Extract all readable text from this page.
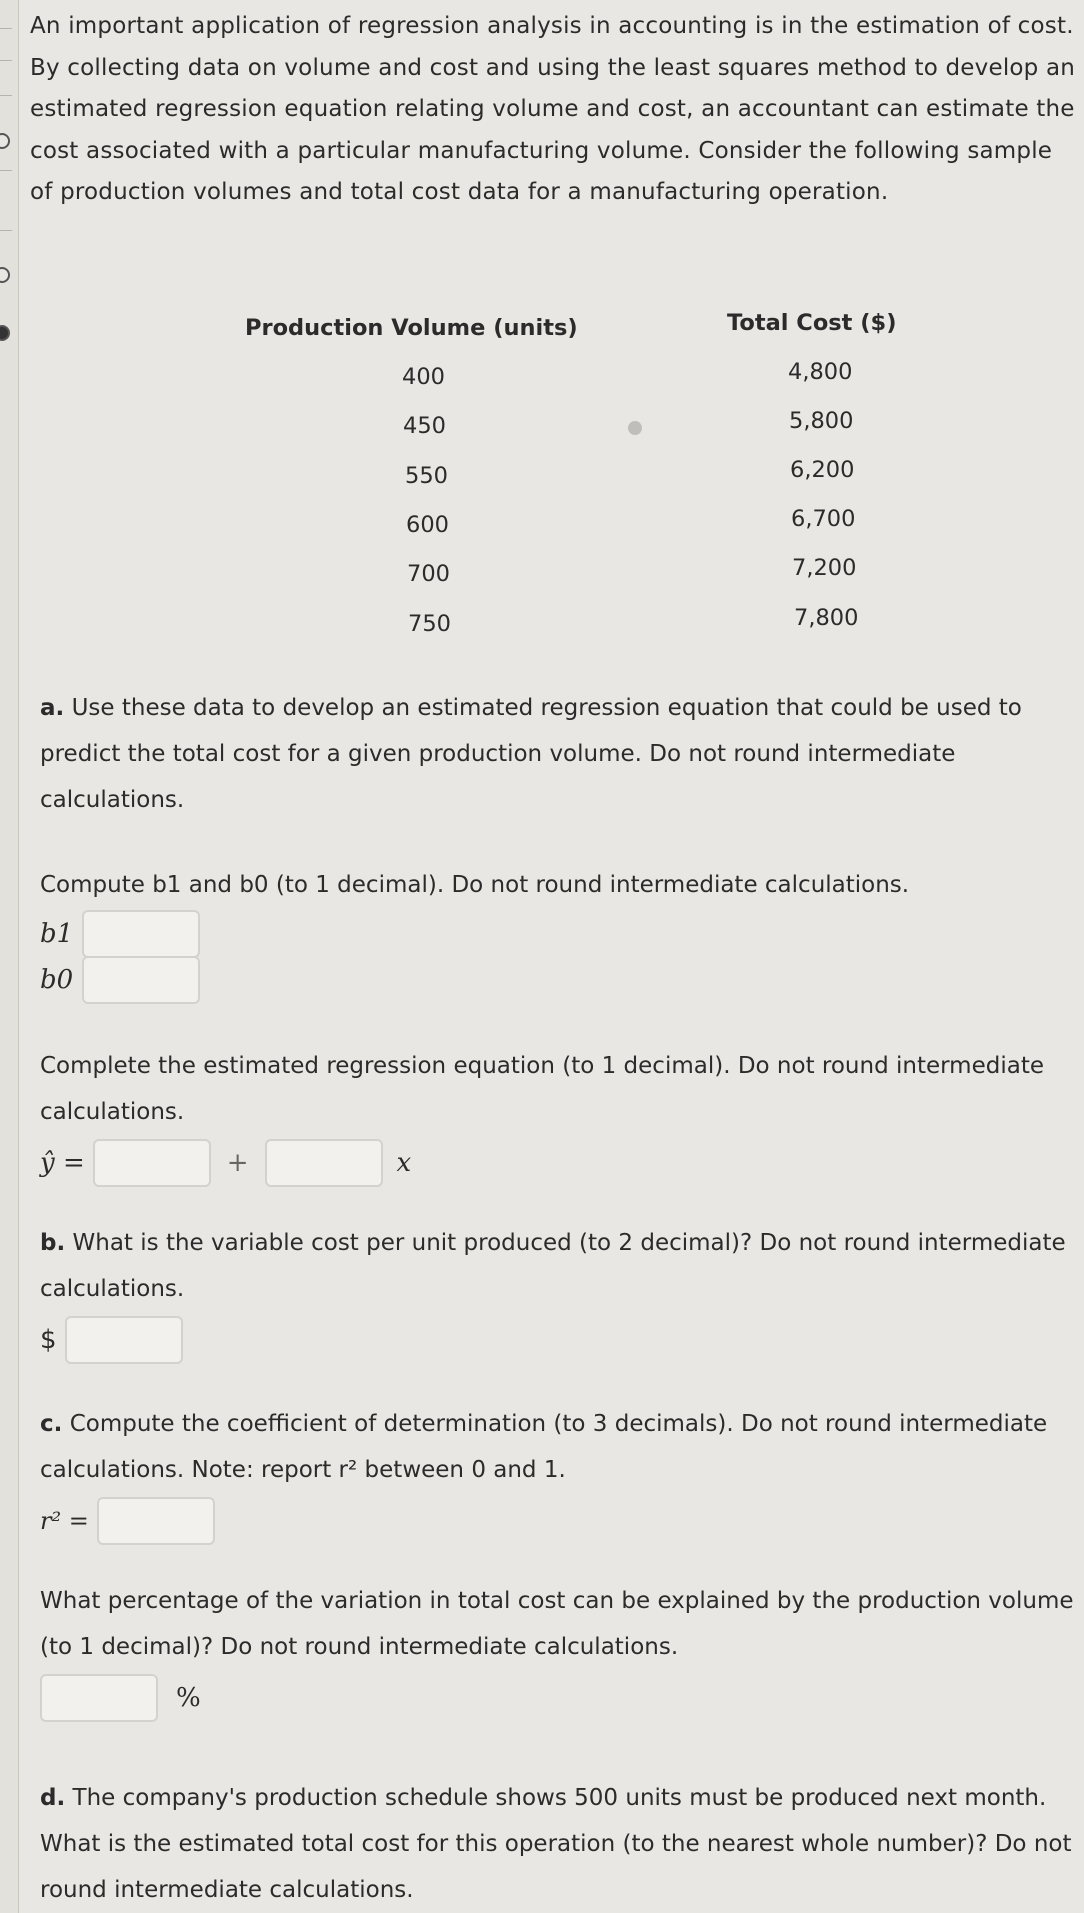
An important application of regression analysis in accounting is in the estimation of cost. By collecting data on volume and cost and using the least squares method to develop an estimated regression equation relating volume and cost, an accountant can estimate the cost associated with a particular manufacturing volume. Consider the following sample of production volumes and total cost data for a manufacturing operation.

Production Volume (units)	Total Cost ($)
400	4,800
450	5,800
550	6,200
600	6,700
700	7,200
750	7,800

a. Use these data to develop an estimated regression equation that could be used to predict the total cost for a given production volume. Do not round intermediate calculations.

Compute b1 and b0 (to 1 decimal). Do not round intermediate calculations.

b1
b0

Complete the estimated regression equation (to 1 decimal). Do not round intermediate calculations.

ŷ =	+	x

b. What is the variable cost per unit produced (to 2 decimal)? Do not round intermediate calculations.

$

c. Compute the coefficient of determination (to 3 decimals). Do not round intermediate calculations. Note: report r² between 0 and 1.

r² =

What percentage of the variation in total cost can be explained by the production volume (to 1 decimal)? Do not round intermediate calculations.

%

d. The company's production schedule shows 500 units must be produced next month. What is the estimated total cost for this operation (to the nearest whole number)? Do not round intermediate calculations.
